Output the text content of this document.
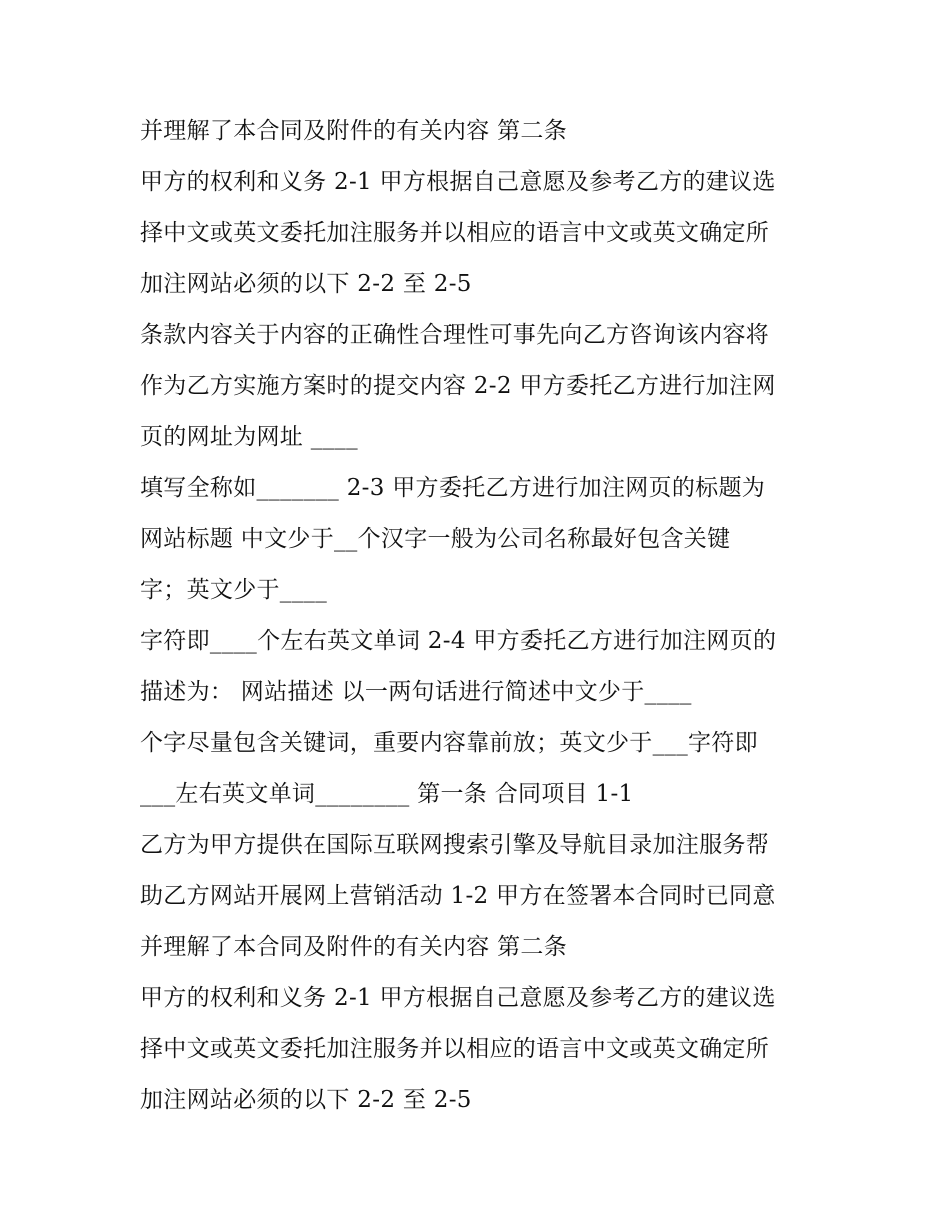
并理解了本合同及附件的有关内容 第二条
甲方的权利和义务 2-1 甲方根据自己意愿及参考乙方的建议选
择中文或英文委托加注服务并以相应的语言中文或英文确定所
加注网站必须的以下 2-2 至 2-5
条款内容关于内容的正确性合理性可事先向乙方咨询该内容将
作为乙方实施方案时的提交内容 2-2 甲方委托乙方进行加注网
页的网址为网址 ____
填写全称如_______ 2-3 甲方委托乙方进行加注网页的标题为
网站标题 中文少于__个汉字一般为公司名称最好包含关键
字；英文少于____
字符即____个左右英文单词 2-4 甲方委托乙方进行加注网页的
描述为： 网站描述 以一两句话进行简述中文少于____
个字尽量包含关键词，重要内容靠前放；英文少于___字符即
___左右英文单词________ 第一条 合同项目 1-1
乙方为甲方提供在国际互联网搜索引擎及导航目录加注服务帮
助乙方网站开展网上营销活动 1-2 甲方在签署本合同时已同意
并理解了本合同及附件的有关内容 第二条
甲方的权利和义务 2-1 甲方根据自己意愿及参考乙方的建议选
择中文或英文委托加注服务并以相应的语言中文或英文确定所
加注网站必须的以下 2-2 至 2-5
